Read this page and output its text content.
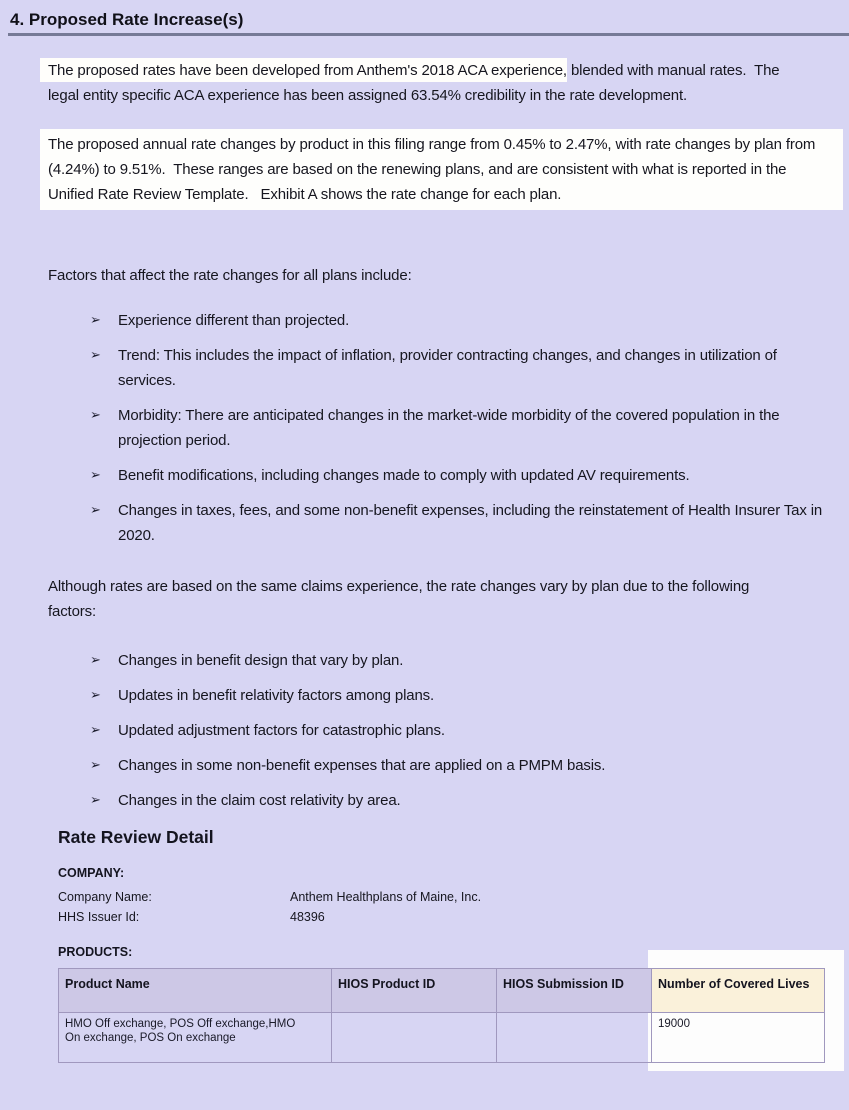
4. Proposed Rate Increase(s)

The proposed rates have been developed from Anthem's 2018 ACA experience, blended with manual rates.  The legal entity specific ACA experience has been assigned 63.54% credibility in the rate development.

The proposed annual rate changes by product in this filing range from 0.45% to 2.47%, with rate changes by plan from (4.24%) to 9.51%.  These ranges are based on the renewing plans, and are consistent with what is reported in the Unified Rate Review Template.   Exhibit A shows the rate change for each plan.

Factors that affect the rate changes for all plans include:

➢	Experience different than projected.
➢	Trend: This includes the impact of inflation, provider contracting changes, and changes in utilization of services.
➢	Morbidity: There are anticipated changes in the market-wide morbidity of the covered population in the projection period.
➢	Benefit modifications, including changes made to comply with updated AV requirements.
➢	Changes in taxes, fees, and some non-benefit expenses, including the reinstatement of Health Insurer Tax in 2020.

Although rates are based on the same claims experience, the rate changes vary by plan due to the following factors:

➢	Changes in benefit design that vary by plan.
➢	Updates in benefit relativity factors among plans.
➢	Updated adjustment factors for catastrophic plans.
➢	Changes in some non-benefit expenses that are applied on a PMPM basis.
➢	Changes in the claim cost relativity by area.
Rate Review Detail
COMPANY:
Company Name:	Anthem Healthplans of Maine, Inc.
HHS Issuer Id:	48396
PRODUCTS:
Product Name	HIOS Product ID	HIOS Submission ID	Number of Covered Lives

HMO Off exchange, POS Off exchange,HMO On exchange, POS On exchange			19000
